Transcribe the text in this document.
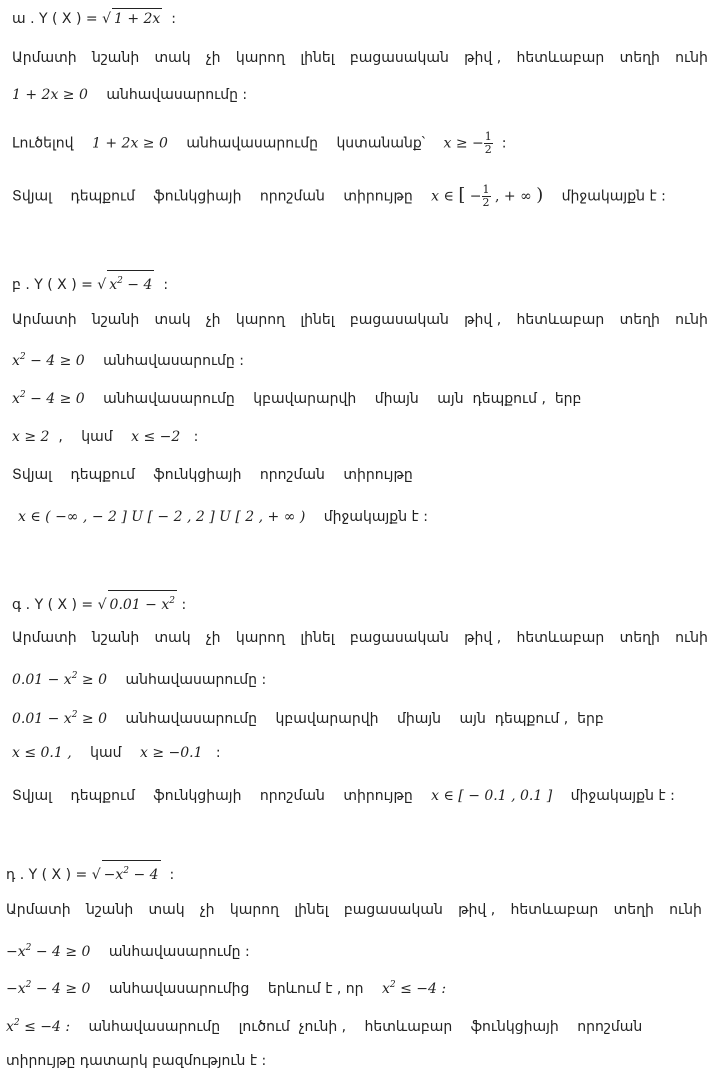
ա . Y ( X ) = √ 1 + 2x :
Արմատի նշանի տակ չի կարող լինել բացասական թիվ , հետևաբար տեղի ունի
1 + 2x ≥ 0 անհավասարումը :
Լուծելով 1 + 2x ≥ 0 անհավասարումը կստանանք՝ x ≥ − $\frac{1}{2}$ :
Տվյալ դեպքում ֆունկցիայի որոշման տիրույթը x ∈ [ − $\frac{1}{2}$ , + ∞ ) միջակայքն է :
բ . Y ( X ) = √ $x^2 - 4$ :
Արմատի նշանի տակ չի կարող լինել բացասական թիվ , հետևաբար տեղի ունի
$x^2 - 4 \ge 0$ անհավասարումը :
$x^2 - 4 \ge 0$ անհավասարումը կբավարարվի միայն այն դեպքում , երբ
x ≥ 2 , կամ x ≤ −2 :
Տվյալ դեպքում ֆունկցիայի որոշման տիրույթը
x ∈ ( −∞ , − 2 ] U [ − 2 , 2 ] U [ 2 , + ∞ ) միջակայքն է :
գ . Y ( X ) = √ $0.01 - x^2$ :
Արմատի նշանի տակ չի կարող լինել բացասական թիվ , հետևաբար տեղի ունի
$0.01 - x^2 \ge 0$ անհավասարումը :
$0.01 - x^2 \ge 0$ անհավասարումը կբավարարվի միայն այն դեպքում , երբ
x ≤ 0.1 , կամ x ≥ −0.1 :
Տվյալ դեպքում ֆունկցիայի որոշման տիրույթը x ∈ [ − 0.1 , 0.1 ] միջակայքն է :
դ . Y ( X ) = √ $-x^2 - 4$ :
Արմատի նշանի տակ չի կարող լինել բացասական թիվ , հետևաբար տեղի ունի
$-x^2 - 4 \ge 0$ անհավասարումը :
$-x^2 - 4 \ge 0$ անհավասարումից երևում է , որ $x^2 \le -4$ :
$x^2 \le -4$ : անհավասարումը լուծում չունի , հետևաբար ֆունկցիայի որոշման
տիրույթը դատարկ բազմություն է :
